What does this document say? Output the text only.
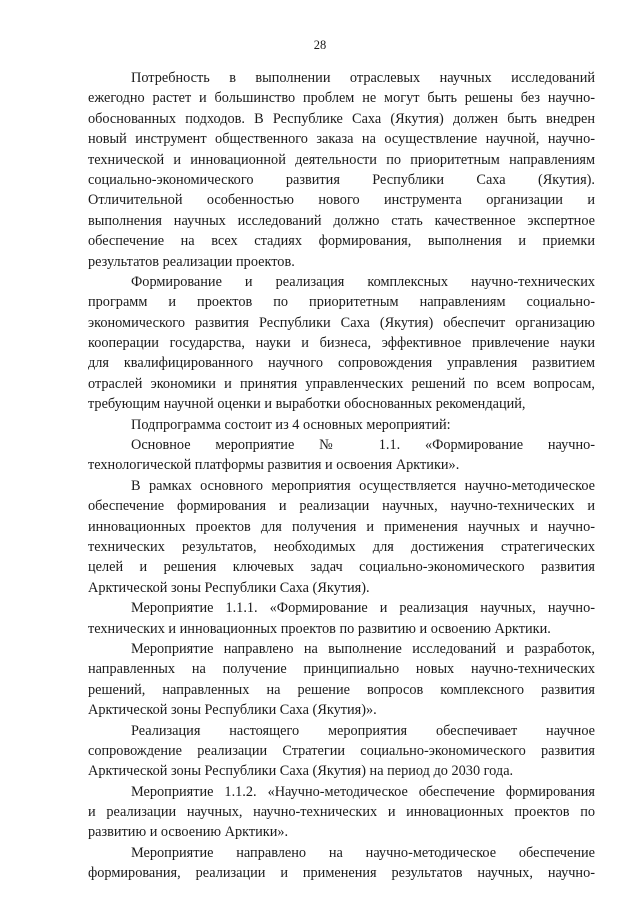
28
Потребность в выполнении отраслевых научных исследований
ежегодно растет и большинство проблем не могут быть решены без научно-
обоснованных подходов. В Республике Саха (Якутия) должен быть внедрен
новый инструмент общественного заказа на осуществление научной, научно-
технической и инновационной деятельности по приоритетным направлениям
социально-экономического развития Республики Саха (Якутия).
Отличительной особенностью нового инструмента организации и
выполнения научных исследований должно стать качественное экспертное
обеспечение на всех стадиях формирования, выполнения и приемки
результатов реализации проектов.
Формирование и реализация комплексных научно-технических
программ и проектов по приоритетным направлениям социально-
экономического развития Республики Саха (Якутия) обеспечит организацию
кооперации государства, науки и бизнеса, эффективное привлечение науки
для квалифицированного научного сопровождения управления развитием
отраслей экономики и принятия управленческих решений по всем вопросам,
требующим научной оценки и выработки обоснованных рекомендаций,
Подпрограмма состоит из 4 основных мероприятий:
Основное мероприятие № 1.1. «Формирование научно-
технологической платформы развития и освоения Арктики».
В рамках основного мероприятия осуществляется научно-методическое
обеспечение формирования и реализации научных, научно-технических и
инновационных проектов для получения и применения научных и научно-
технических результатов, необходимых для достижения стратегических
целей и решения ключевых задач социально-экономического развития
Арктической зоны Республики Саха (Якутия).
Мероприятие 1.1.1. «Формирование и реализация научных, научно-
технических и инновационных проектов по развитию и освоению Арктики.
Мероприятие направлено на выполнение исследований и разработок,
направленных на получение принципиально новых научно-технических
решений, направленных на решение вопросов комплексного развития
Арктической зоны Республики Саха (Якутия)».
Реализация настоящего мероприятия обеспечивает научное
сопровождение реализации Стратегии социально-экономического развития
Арктической зоны Республики Саха (Якутия) на период до 2030 года.
Мероприятие 1.1.2. «Научно-методическое обеспечение формирования
и реализации научных, научно-технических и инновационных проектов по
развитию и освоению Арктики».
Мероприятие направлено на научно-методическое обеспечение
формирования, реализации и применения результатов научных, научно-
